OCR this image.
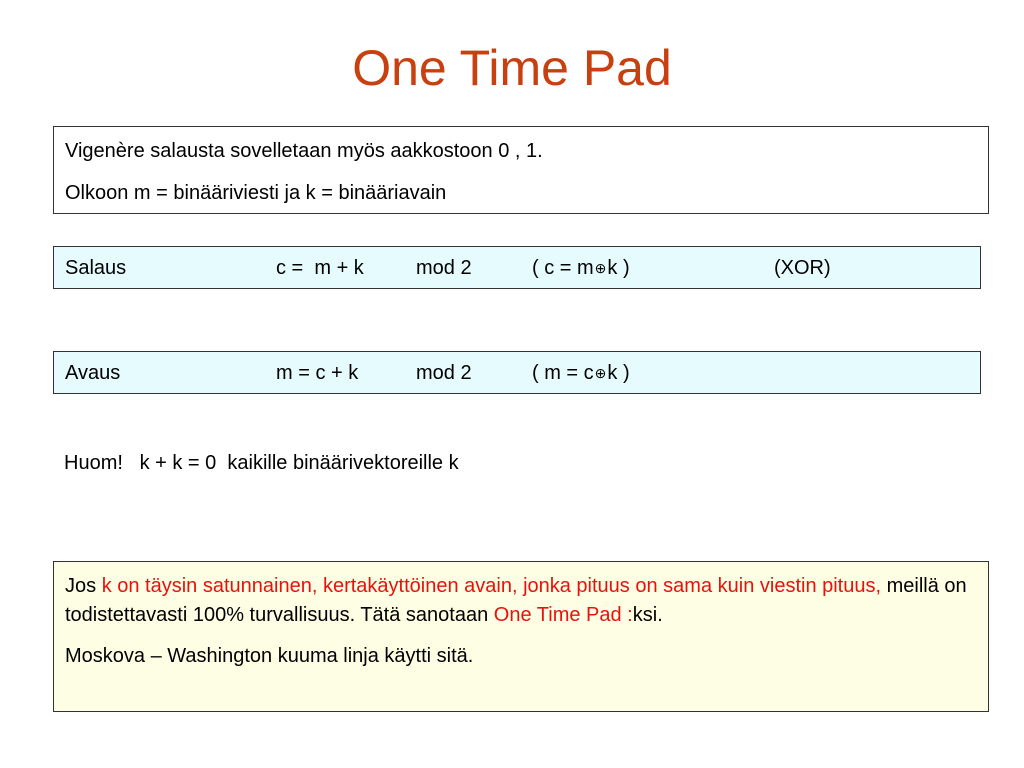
One Time Pad

Vigenère salausta sovelletaan myös aakkostoon 0 , 1.

Olkoon m = binääriviesti ja k = binääriavain

Salaus	c =  m + k	mod 2	( c = m⊕k )	(XOR)
Avaus	m = c + k	mod 2	( m = c⊕k )
Huom!   k + k = 0  kaikille binäärivektoreille k

Jos k on täysin satunnainen, kertakäyttöinen avain, jonka pituus on sama kuin viestin pituus, meillä on todistettavasti 100% turvallisuus. Tätä sanotaan One Time Pad :ksi.

Moskova – Washington kuuma linja käytti sitä.
